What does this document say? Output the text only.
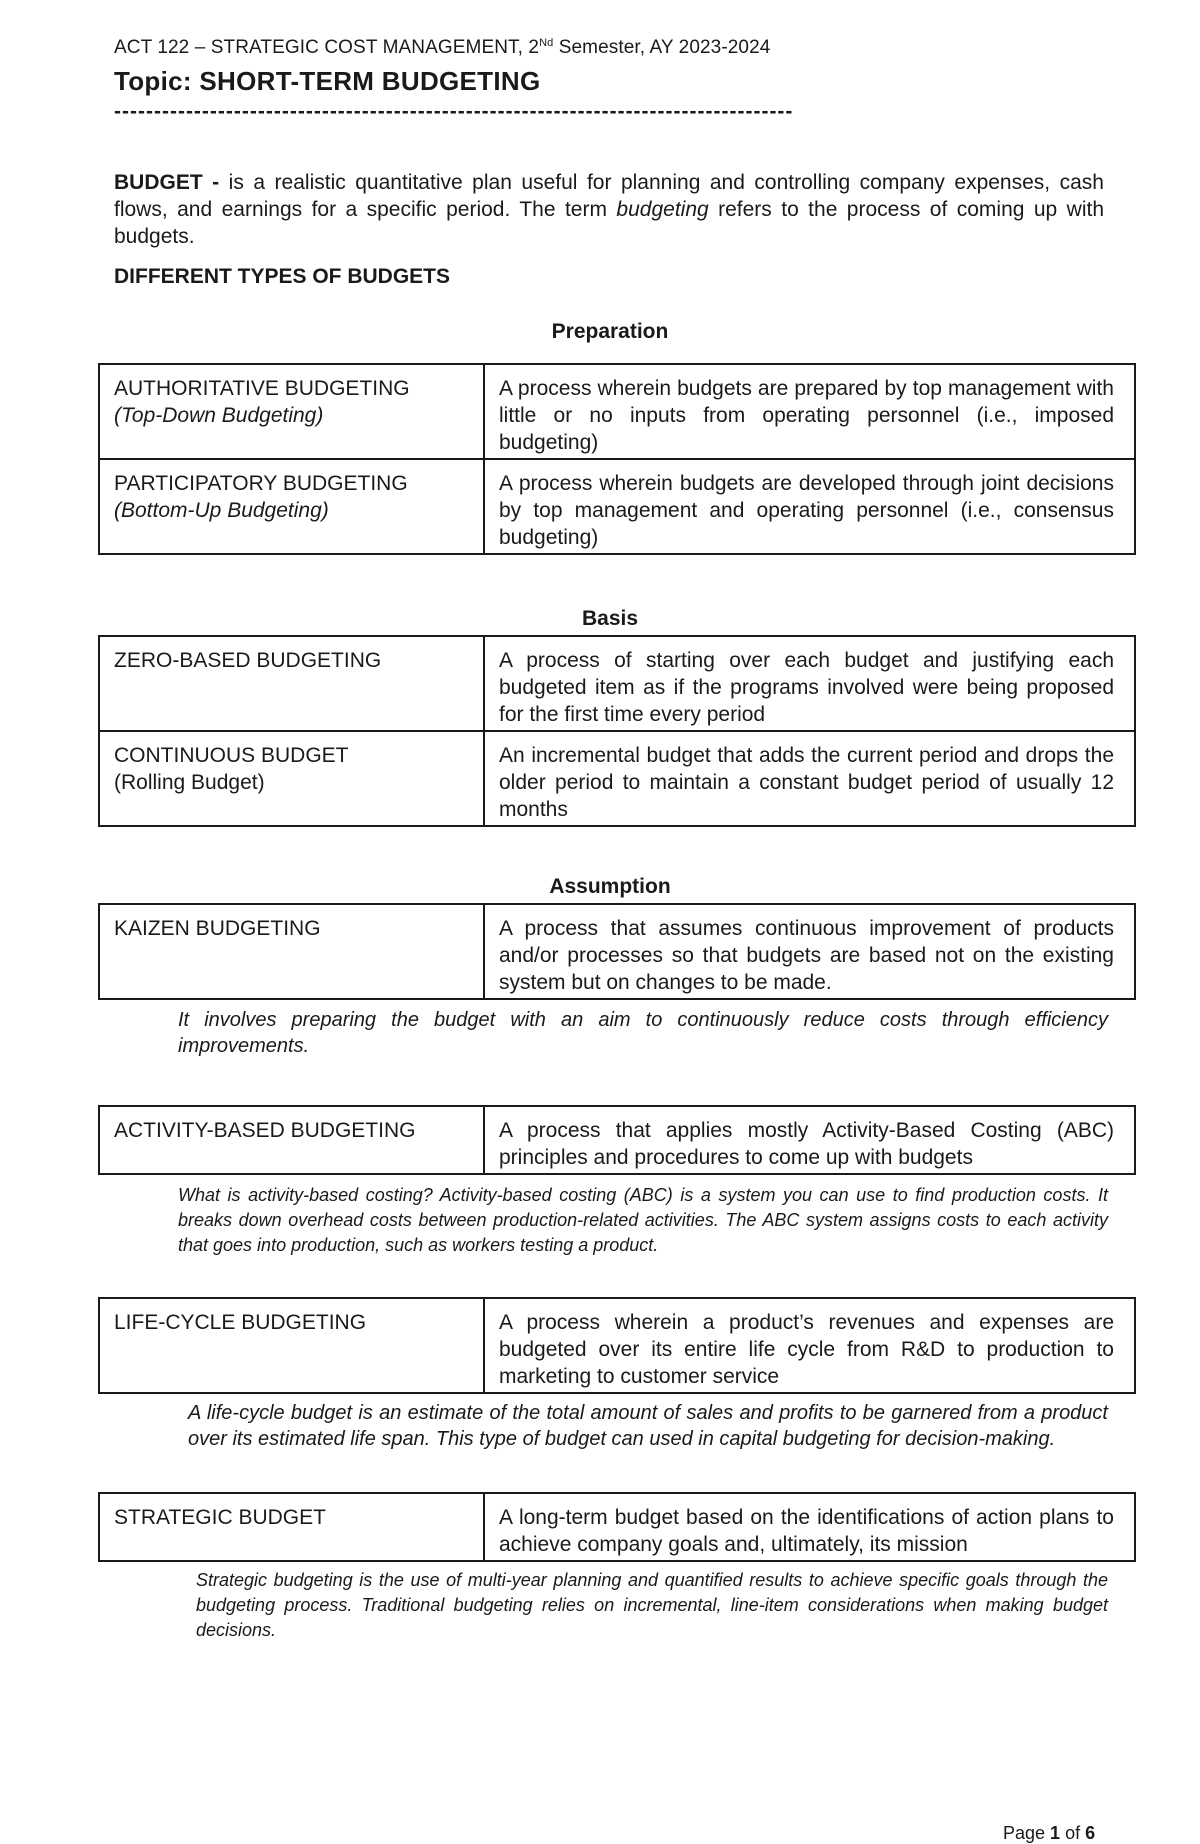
ACT 122 – STRATEGIC COST MANAGEMENT, 2Nd Semester, AY 2023-2024
Topic: SHORT-TERM BUDGETING
-------------------------------------------------------------------------------------
BUDGET - is a realistic quantitative plan useful for planning and controlling company expenses, cash flows, and earnings for a specific period. The term budgeting refers to the process of coming up with budgets.
DIFFERENT TYPES OF BUDGETS
Preparation
AUTHORITATIVE BUDGETING
(Top-Down Budgeting)	A process wherein budgets are prepared by top management with little or no inputs from operating personnel (i.e., imposed budgeting)
PARTICIPATORY BUDGETING
(Bottom-Up Budgeting)	A process wherein budgets are developed through joint decisions by top management and operating personnel (i.e., consensus budgeting)
Basis
ZERO-BASED BUDGETING	A process of starting over each budget and justifying each budgeted item as if the programs involved were being proposed for the first time every period
CONTINUOUS BUDGET
(Rolling Budget)	An incremental budget that adds the current period and drops the older period to maintain a constant budget period of usually 12 months
Assumption
KAIZEN BUDGETING	A process that assumes continuous improvement of products and/or processes so that budgets are based not on the existing system but on changes to be made.
It involves preparing the budget with an aim to continuously reduce costs through efficiency improvements.
ACTIVITY-BASED BUDGETING	A process that applies mostly Activity-Based Costing (ABC) principles and procedures to come up with budgets
What is activity-based costing? Activity-based costing (ABC) is a system you can use to find production costs. It breaks down overhead costs between production-related activities. The ABC system assigns costs to each activity that goes into production, such as workers testing a product.
LIFE-CYCLE BUDGETING	A process wherein a product’s revenues and expenses are budgeted over its entire life cycle from R&D to production to marketing to customer service
A life-cycle budget is an estimate of the total amount of sales and profits to be garnered from a product over its estimated life span. This type of budget can used in capital budgeting for decision-making.
STRATEGIC BUDGET	A long-term budget based on the identifications of action plans to achieve company goals and, ultimately, its mission
Strategic budgeting is the use of multi-year planning and quantified results to achieve specific goals through the budgeting process. Traditional budgeting relies on incremental, line-item considerations when making budget decisions.
Page 1 of 6
